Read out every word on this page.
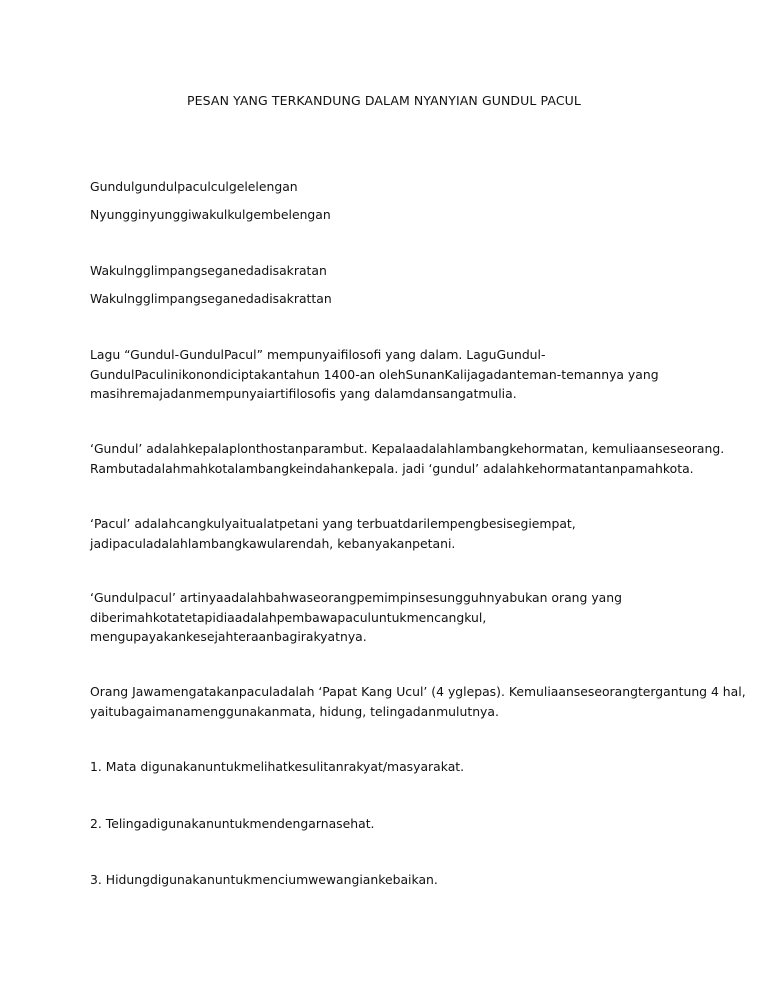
PESAN YANG TERKANDUNG DALAM NYANYIAN GUNDUL PACUL
Gundulgundulpaculculgelelengan
Nyungginyunggiwakulkulgembelengan
Wakulngglimpangseganedadisakratan
Wakulngglimpangseganedadisakrattan
Lagu “Gundul-GundulPacul” mempunyaifilosofi yang dalam. LaguGundul-
GundulPaculinikonondiciptakantahun 1400-an olehSunanKalijagadanteman-temannya yang
masihremajadanmempunyaiartifilosofis yang dalamdansangatmulia.
‘Gundul’ adalahkepalaplonthostanparambut. Kepalaadalahlambangkehormatan, kemuliaanseseorang.
Rambutadalahmahkotalambangkeindahankepala. jadi ‘gundul’ adalahkehormatantanpamahkota.
‘Pacul’ adalahcangkulyaitualatpetani yang terbuatdarilempengbesisegiempat,
jadipaculadalahlambangkawularendah, kebanyakanpetani.
‘Gundulpacul’ artinyaadalahbahwaseorangpemimpinsesungguhnyabukan orang yang
diberimahkotatetapidiaadalahpembawapaculuntukmencangkul,
mengupayakankesejahteraanbagirakyatnya.
Orang Jawamengatakanpaculadalah ‘Papat Kang Ucul’ (4 yglepas). Kemuliaanseseorangtergantung 4 hal,
yaitubagaimanamenggunakanmata, hidung, telingadanmulutnya.
1. Mata digunakanuntukmelihatkesulitanrakyat/masyarakat.
2. Telingadigunakanuntukmendengarnasehat.
3. Hidungdigunakanuntukmenciumwewangiankebaikan.
